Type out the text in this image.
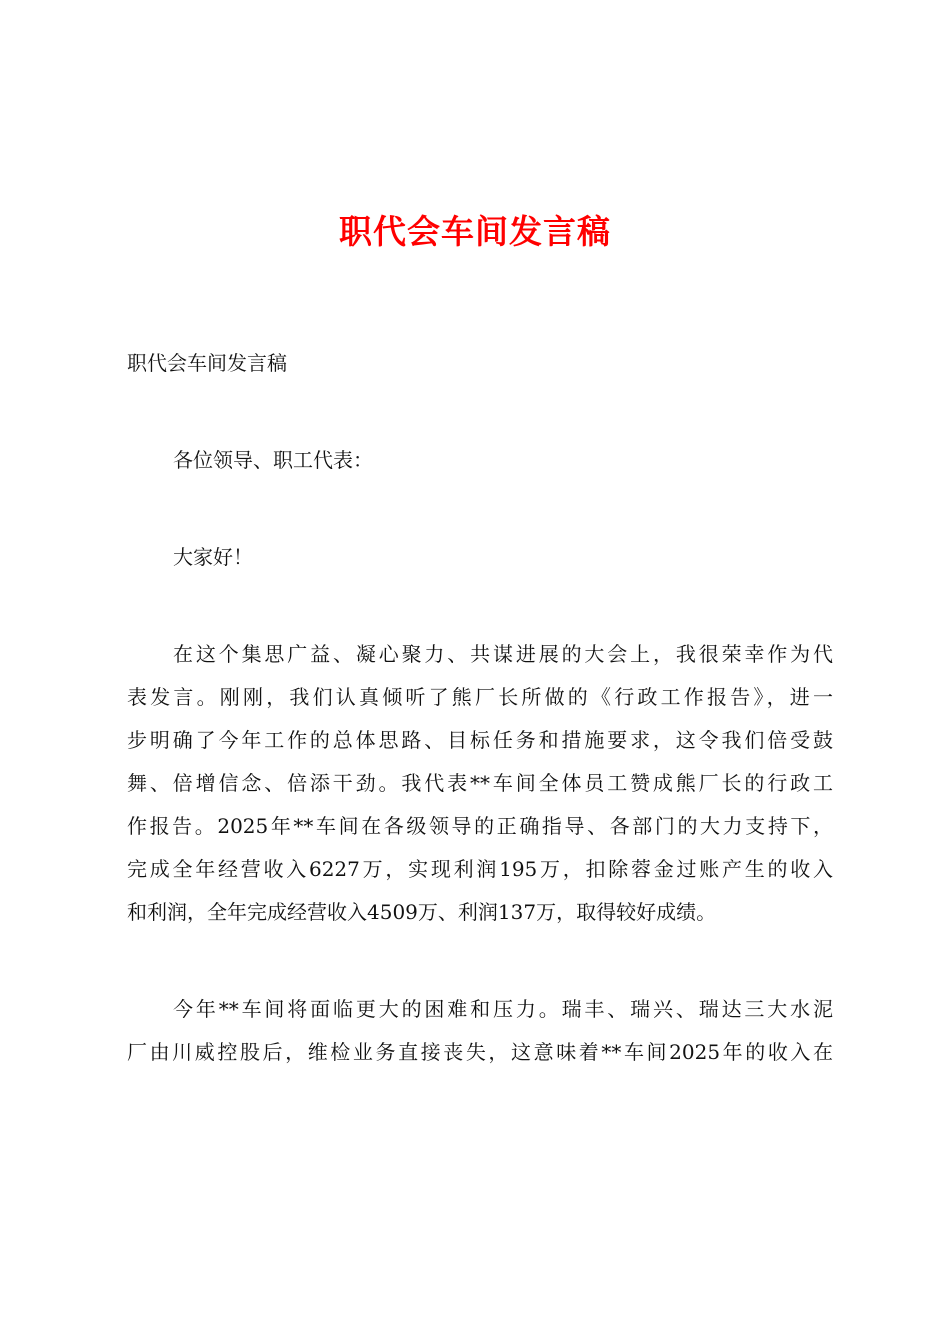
职代会车间发言稿
职代会车间发言稿
各位领导、职工代表：
大家好！
在这个集思广益、凝心聚力、共谋进展的大会上，我很荣幸作为代
表发言。刚刚，我们认真倾听了熊厂长所做的《行政工作报告》，进一
步明确了今年工作的总体思路、目标任务和措施要求，这令我们倍受鼓
舞、倍增信念、倍添干劲。我代表**车间全体员工赞成熊厂长的行政工
作报告。2025年**车间在各级领导的正确指导、各部门的大力支持下，
完成全年经营收入6227万，实现利润195万，扣除蓉金过账产生的收入
和利润，全年完成经营收入4509万、利润137万，取得较好成绩。
今年**车间将面临更大的困难和压力。瑞丰、瑞兴、瑞达三大水泥
厂由川威控股后，维检业务直接丧失，这意味着**车间2025年的收入在
